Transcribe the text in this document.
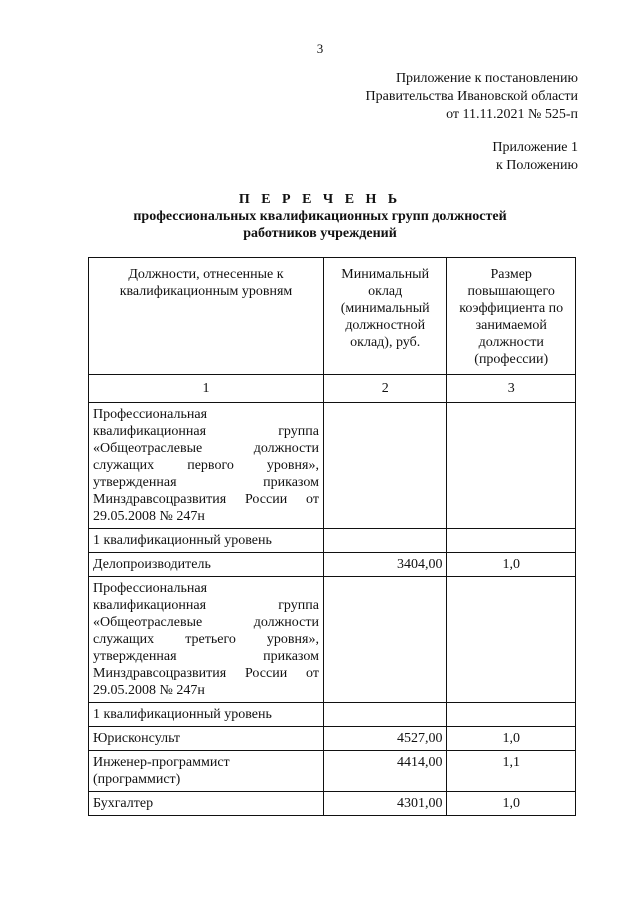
3
Приложение к постановлению
Правительства Ивановской области
от 11.11.2021 № 525-п
Приложение 1
к Положению
П Е Р Е Ч Е Н Ь
профессиональных квалификационных групп должностей
работников учреждений
Должности, отнесенные к квалификационным уровням	Минимальный оклад (минимальный должностной оклад), руб.	Размер повышающего коэффициента по занимаемой должности (профессии)
1	2	3
Профессиональная квалификационная группа «Общеотраслевые должности служащих первого уровня», утвержденная приказом Минздравсоцразвития России от 29.05.2008 № 247н		
1 квалификационный уровень		
Делопроизводитель	3404,00	1,0
Профессиональная квалификационная группа «Общеотраслевые должности служащих третьего уровня», утвержденная приказом Минздравсоцразвития России от 29.05.2008 № 247н		
1 квалификационный уровень		
Юрисконсульт	4527,00	1,0
Инженер-программист (программист)	4414,00	1,1
Бухгалтер	4301,00	1,0
